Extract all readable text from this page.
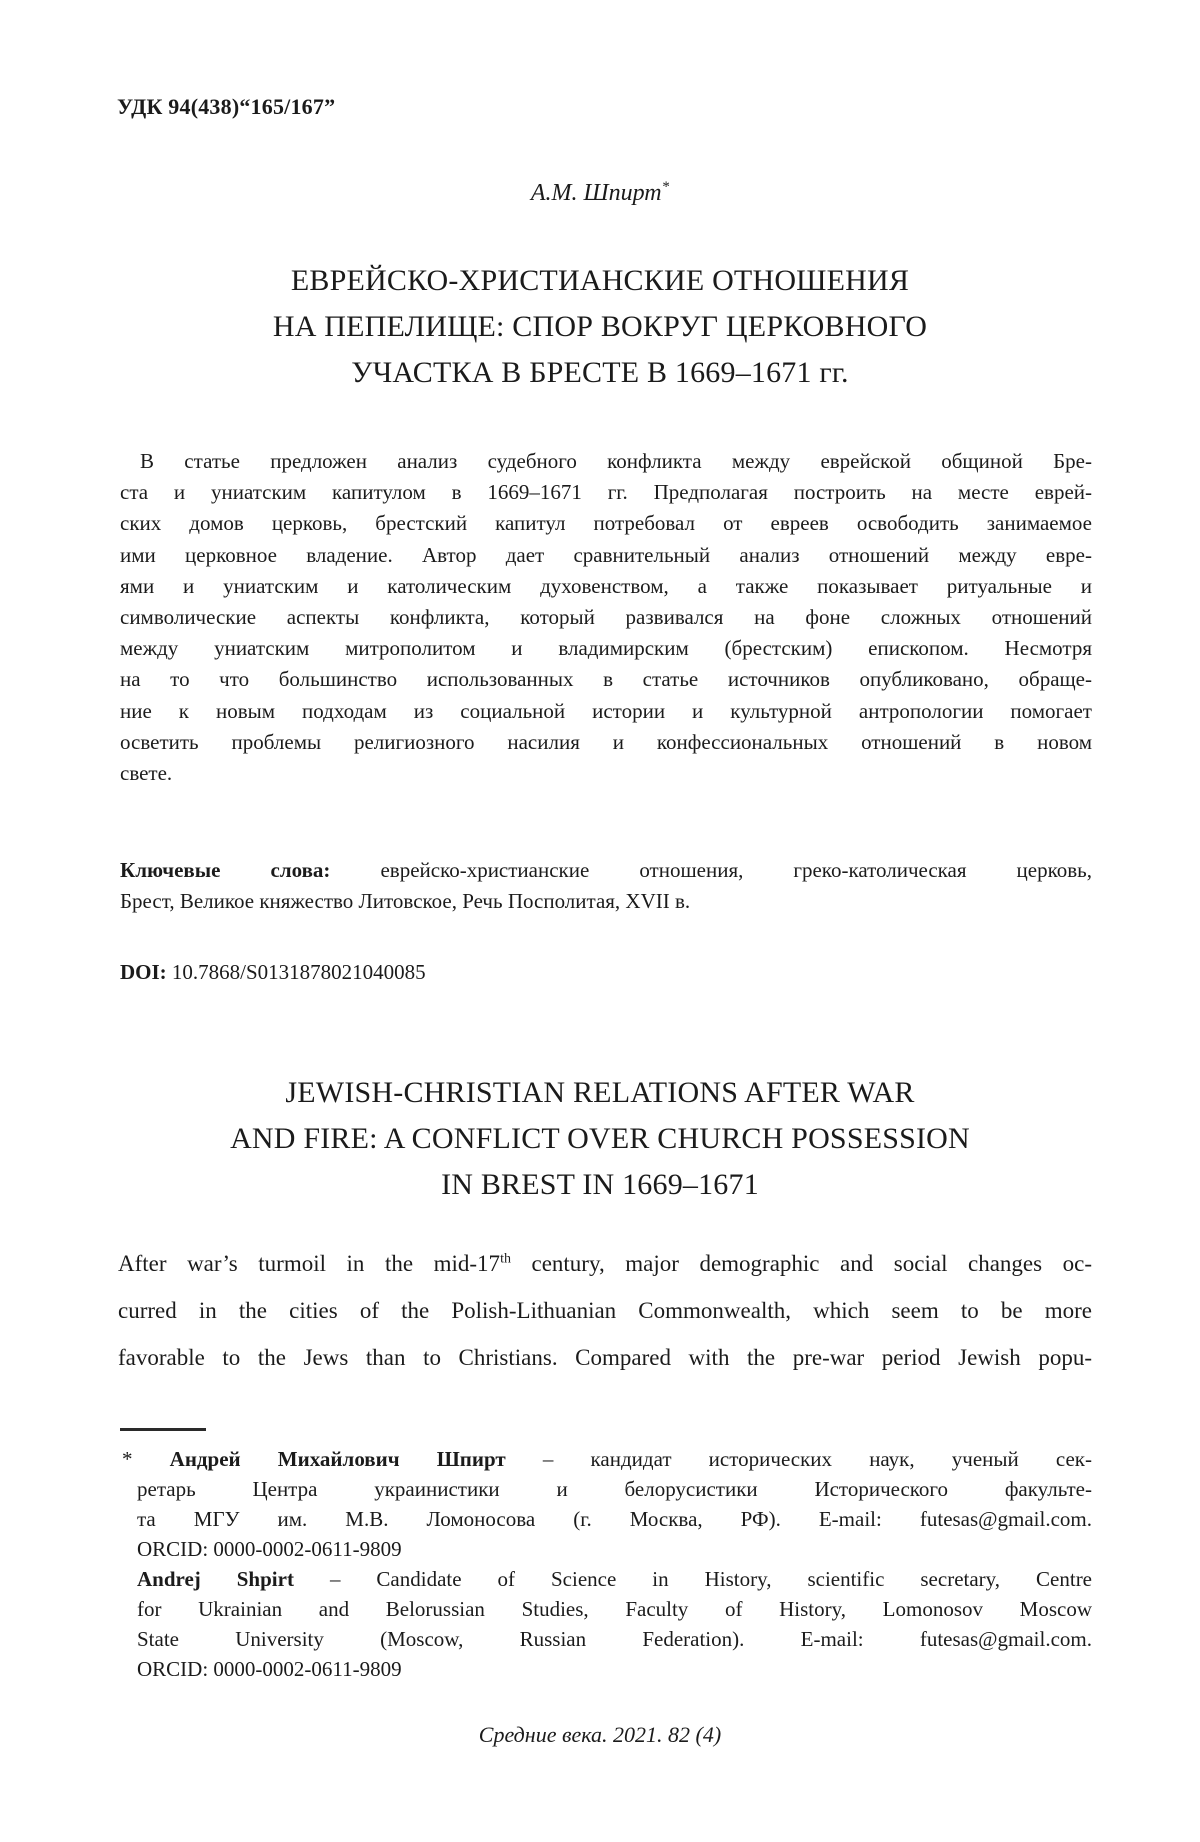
УДК 94(438)“165/167”
А.М. Шпирт*
ЕВРЕЙСКО-ХРИСТИАНСКИЕ ОТНОШЕНИЯ
НА ПЕПЕЛИЩЕ: СПОР ВОКРУГ ЦЕРКОВНОГО
УЧАСТКА В БРЕСТЕ В 1669–1671 гг.
В статье предложен анализ судебного конфликта между еврейской общиной Бре-
ста и униатским капитулом в 1669–1671 гг. Предполагая построить на месте еврей-
ских домов церковь, брестский капитул потребовал от евреев освободить занимаемое
ими церковное владение. Автор дает сравнительный анализ отношений между евре-
ями и униатским и католическим духовенством, а также показывает ритуальные и
символические аспекты конфликта, который развивался на фоне сложных отношений
между униатским митрополитом и владимирским (брестским) епископом. Несмотря
на то что большинство использованных в статье источников опубликовано, обраще-
ние к новым подходам из социальной истории и культурной антропологии помогает
осветить проблемы религиозного насилия и конфессиональных отношений в новом
свете.
Ключевые слова: еврейско-христианские отношения, греко-католическая церковь,
Брест, Великое княжество Литовское, Речь Посполитая, XVII в.
DOI: 10.7868/S0131878021040085
JEWISH-CHRISTIAN RELATIONS AFTER WAR
AND FIRE: A CONFLICT OVER CHURCH POSSESSION
IN BREST IN 1669–1671
After war’s turmoil in the mid-17th century, major demographic and social changes oc-
curred in the cities of the Polish-Lithuanian Commonwealth, which seem to be more
favorable to the Jews than to Christians. Compared with the pre-war period Jewish popu-
* Андрей Михайлович Шпирт – кандидат исторических наук, ученый сек-
ретарь Центра украинистики и белорусистики Исторического факульте-
та МГУ им. М.В. Ломоносова (г. Москва, РФ). E-mail: futesas@gmail.com.
ORCID: 0000-0002-0611-9809
Andrej Shpirt – Candidate of Science in History, scientific secretary, Centre
for Ukrainian and Belorussian Studies, Faculty of History, Lomonosov Moscow
State University (Moscow, Russian Federation). E-mail: futesas@gmail.com.
ORCID: 0000-0002-0611-9809
Средние века. 2021. 82 (4)
